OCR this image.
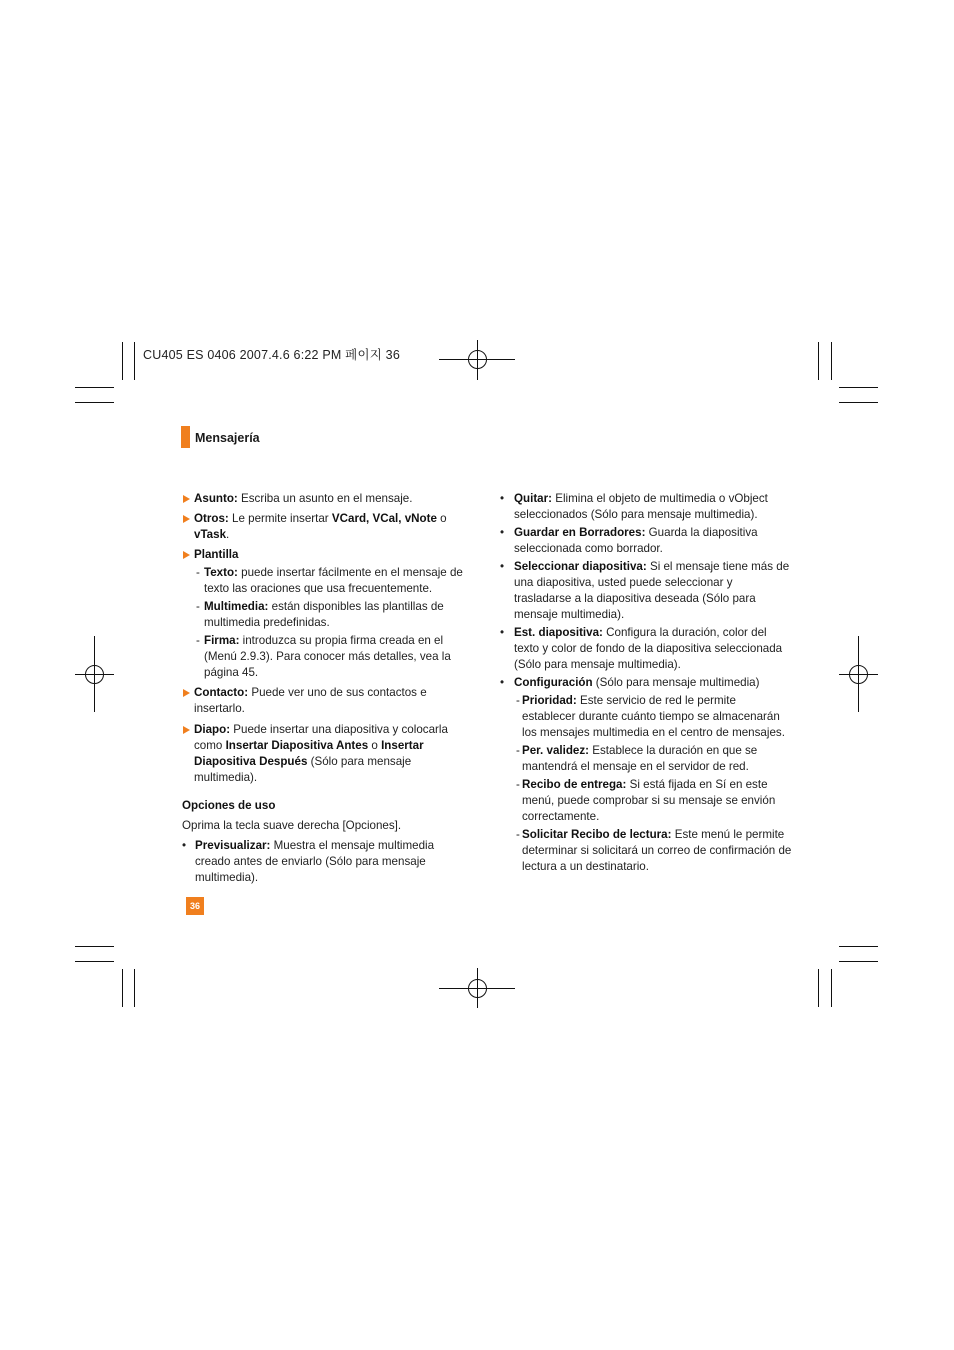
CU405 ES 0406 2007.4.6 6:22 PM 페이지 36
Mensajería
Asunto: Escriba un asunto en el mensaje.
Otros: Le permite insertar VCard, VCal, vNote o vTask.
Plantilla
- Texto: puede insertar fácilmente en el mensaje de texto las oraciones que usa frecuentemente.
- Multimedia: están disponibles las plantillas de multimedia predefinidas.
- Firma: introduzca su propia firma creada en el (Menú 2.9.3). Para conocer más detalles, vea la página 45.
Contacto: Puede ver uno de sus contactos e insertarlo.
Diapo: Puede insertar una diapositiva y colocarla como Insertar Diapositiva Antes o Insertar Diapositiva Después (Sólo para mensaje multimedia).
Opciones de uso
Oprima la tecla suave derecha [Opciones].
• Previsualizar: Muestra el mensaje multimedia creado antes de enviarlo (Sólo para mensaje multimedia).
• Quitar: Elimina el objeto de multimedia o vObject seleccionados (Sólo para mensaje multimedia).
• Guardar en Borradores: Guarda la diapositiva seleccionada como borrador.
• Seleccionar diapositiva: Si el mensaje tiene más de una diapositiva, usted puede seleccionar y trasladarse a la diapositiva deseada (Sólo para mensaje multimedia).
• Est. diapositiva: Configura la duración, color del texto y color de fondo de la diapositiva seleccionada (Sólo para mensaje multimedia).
• Configuración (Sólo para mensaje multimedia)
- Prioridad: Este servicio de red le permite establecer durante cuánto tiempo se almacenarán los mensajes multimedia en el centro de mensajes.
- Per. validez: Establece la duración en que se mantendrá el mensaje en el servidor de red.
- Recibo de entrega: Si está fijada en Sí en este menú, puede comprobar si su mensaje se envión correctamente.
- Solicitar Recibo de lectura: Este menú le permite determinar si solicitará un correo de confirmación de lectura a un destinatario.
36
